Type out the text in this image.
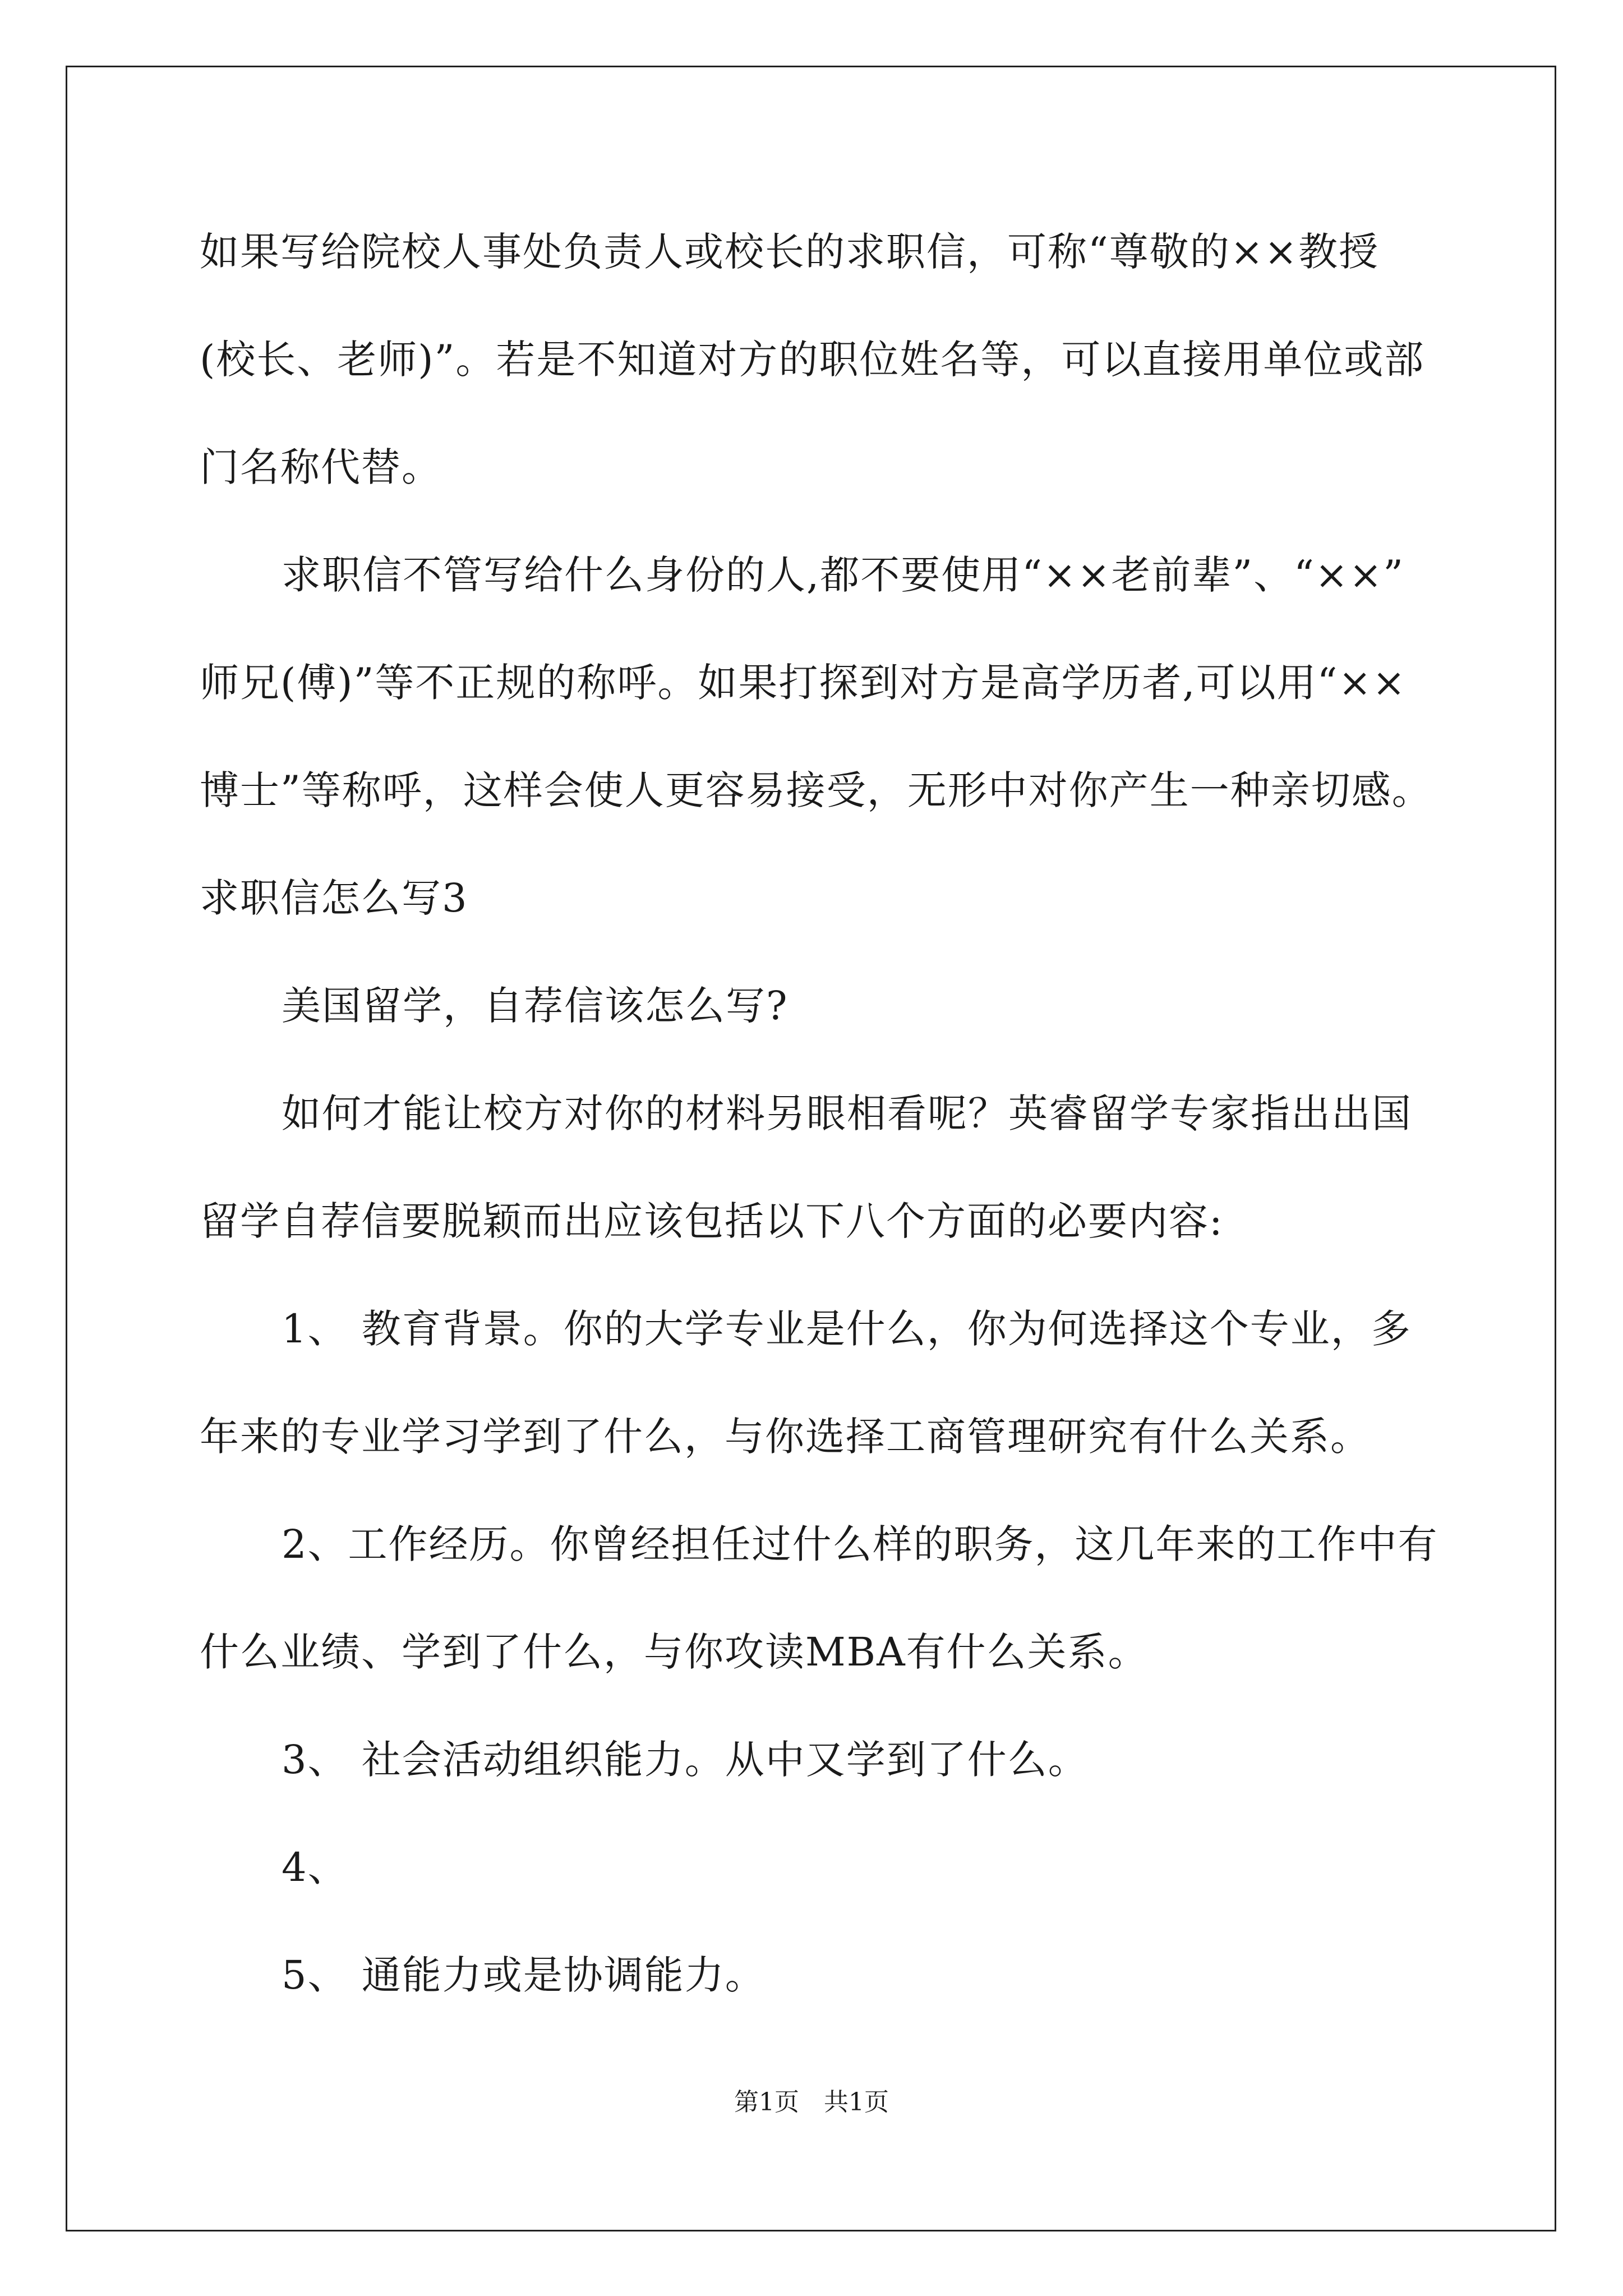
如果写给院校人事处负责人或校长的求职信，可称“尊敬的××教授
(校长、老师)”。若是不知道对方的职位姓名等，可以直接用单位或部
门名称代替。
求职信不管写给什么身份的人,都不要使用“××老前辈”、“××”
师兄(傅)”等不正规的称呼。如果打探到对方是高学历者,可以用“××
博士”等称呼，这样会使人更容易接受，无形中对你产生一种亲切感。
求职信怎么写3
美国留学，自荐信该怎么写?
如何才能让校方对你的材料另眼相看呢？英睿留学专家指出出国
留学自荐信要脱颖而出应该包括以下八个方面的必要内容:
1、 教育背景。你的大学专业是什么，你为何选择这个专业，多
年来的专业学习学到了什么，与你选择工商管理研究有什么关系。
2、工作经历。你曾经担任过什么样的职务，这几年来的工作中有
什么业绩、学到了什么，与你攻读MBA有什么关系。
3、 社会活动组织能力。从中又学到了什么。
4、
5、 通能力或是协调能力。
第1页　共1页
